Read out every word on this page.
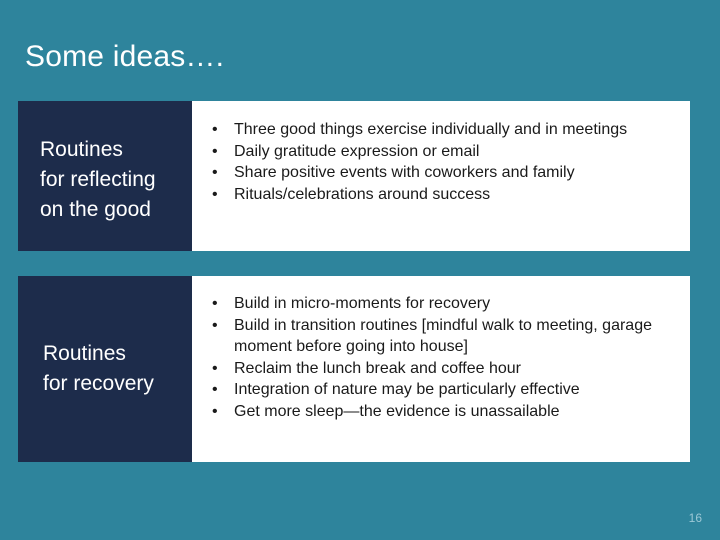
Some ideas….
Routines
for reflecting
on the good
• Three good things exercise individually and in meetings
• Daily gratitude expression or email
• Share positive events with coworkers and family
• Rituals/celebrations around success
Routines
for recovery
• Build in micro-moments for recovery
• Build in transition routines [mindful walk to meeting, garage moment before going into house]
• Reclaim the lunch break and coffee hour
• Integration of nature may be particularly effective
• Get more sleep—the evidence is unassailable
16
